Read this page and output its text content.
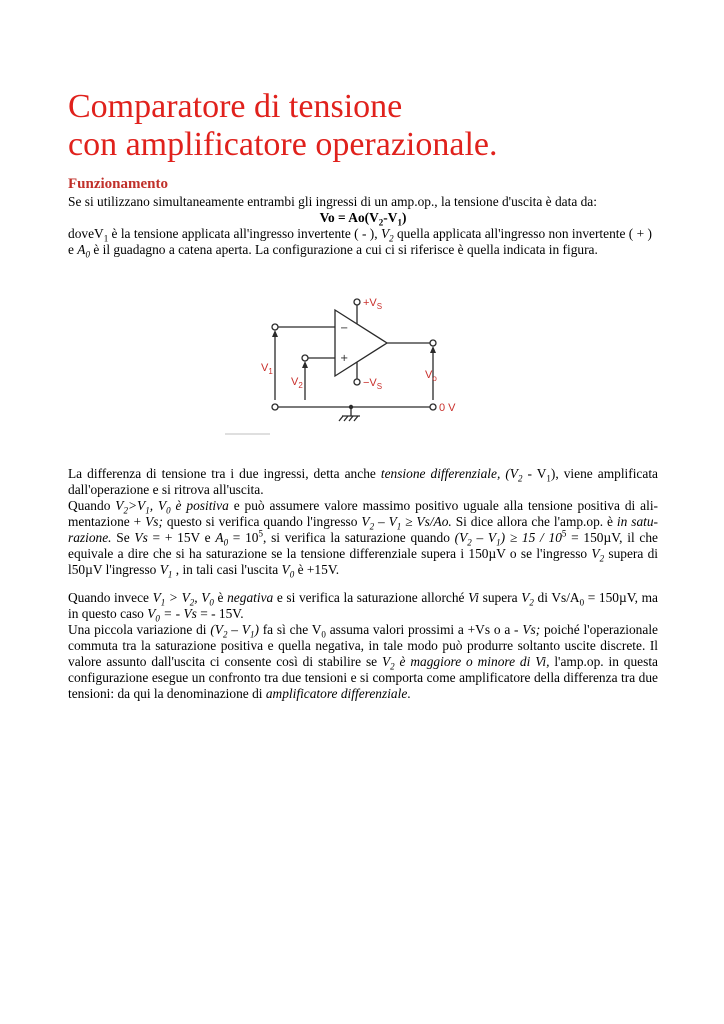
Comparatore di tensione
con amplificatore operazionale.
Funzionamento

Se si utilizzano simultaneamente entrambi gli ingressi di un amp.op., la tensione d'uscita è data da:

$Vo = Ao(V_2-V_1)$

doveV$_1$ è la tensione applicata all'ingresso invertente ( - ), $V_2$ quella applicata all'ingresso non invertente ( + )
e $A_0$ è il guadagno a catena aperta. La configurazione a cui ci si riferisce è quella indicata in figura.

$+V_S$
$-V_S$
−
+
$V_1$
$V_2$
$V_o$
0 V

La differenza di tensione tra i due ingressi, detta anche tensione differenziale, $(V_2 - V_1)$, viene amplificata dall'operazione e si ritrova all'uscita.

Quando $V_2>V_1$, $V_0$ è positiva e può assumere valore massimo positivo uguale alla tensione positiva di ali-mentazione + Vs; questo si verifica quando l'ingresso $V_2 - V_1 \ge Vs/Ao$. Si dice allora che l'amp.op. è in satu-razione. Se Vs = + 15V e $A_0 = 10^5$, si verifica la saturazione quando $(V_2 - V_1) \ge 15 / 10^5 = 150\mu V$, il che equivale a dire che si ha saturazione se la tensione differenziale supera i 150µV o se l'ingresso $V_2$ supera di l50µV l'ingresso $V_1$ , in tali casi l'uscita $V_0$ è +15V.

Quando invece $V_1 > V_2$, $V_0$ è negativa e si verifica la saturazione allorché Vi supera $V_2$ di $Vs/A_0 = 150\mu V$, ma in questo caso $V_0$ = - Vs = - 15V.

Una piccola variazione di $(V_2 - V_1)$ fa sì che $V_0$ assuma valori prossimi a +Vs o a - Vs; poiché l'operazionale commuta tra la saturazione positiva e quella negativa, in tale modo può produrre soltanto uscite discrete. Il valore assunto dall'uscita ci consente così di stabilire se $V_2$ è maggiore o minore di Vi, l'amp.op. in questa configurazione esegue un confronto tra due tensioni e si comporta come amplificatore della differenza tra due tensioni: da qui la denominazione di amplificatore differenziale.
